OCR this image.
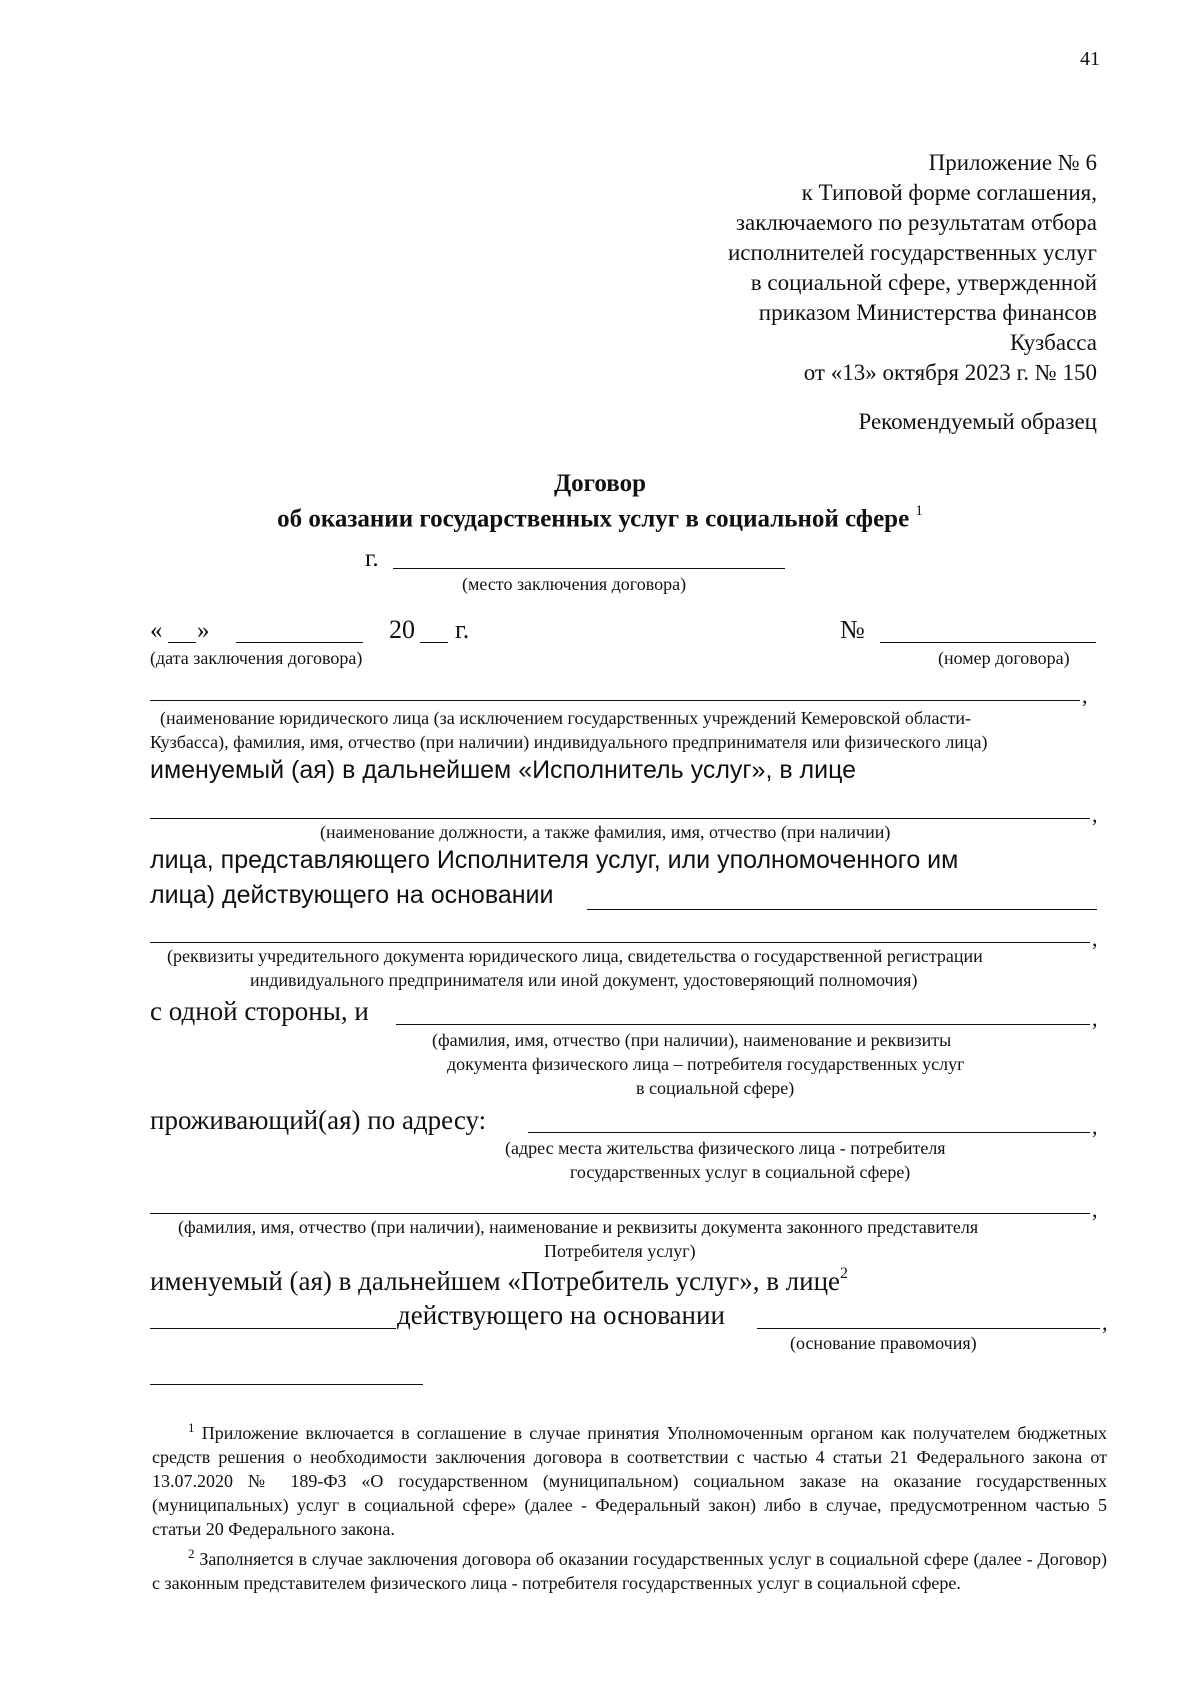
41
Приложение № 6
к Типовой форме соглашения,
заключаемого по результатам отбора
исполнителей государственных услуг
в социальной сфере, утвержденной
приказом Министерства финансов
Кузбасса
от «13» октября 2023 г. № 150
Рекомендуемый образец
Договор
об оказании государственных услуг в социальной сфере $^1$
г.
(место заключения договора)
« »	20 г.
(дата заключения договора)
№
(номер договора)
,
(наименование юридического лица (за исключением государственных учреждений Кемеровской области-
Кузбасса), фамилия, имя, отчество (при наличии) индивидуального предпринимателя или физического лица)
именуемый (ая) в дальнейшем «Исполнитель услуг», в лице
,
(наименование должности, а также фамилия, имя, отчество (при наличии)
лица, представляющего Исполнителя услуг, или уполномоченного им
лица) действующего на основании
,
(реквизиты учредительного документа юридического лица, свидетельства о государственной регистрации
индивидуального предпринимателя или иной документ, удостоверяющий полномочия)
с одной стороны, и	,
(фамилия, имя, отчество (при наличии), наименование и реквизиты
документа физического лица – потребителя государственных услуг
в социальной сфере)
проживающий(ая) по адресу:	,
(адрес места жительства физического лица - потребителя
государственных услуг в социальной сфере)
,
(фамилия, имя, отчество (при наличии), наименование и реквизиты документа законного представителя
Потребителя услуг)
именуемый (ая) в дальнейшем «Потребитель услуг», в лице$^2$
действующего на основании	,
(основание правомочия)
$^1$ Приложение включается в соглашение в случае принятия Уполномоченным органом как получателем бюджетных средств решения о необходимости заключения договора в соответствии с частью 4 статьи 21 Федерального закона от 13.07.2020 № 189-ФЗ «О государственном (муниципальном) социальном заказе на оказание государственных (муниципальных) услуг в социальной сфере» (далее - Федеральный закон) либо в случае, предусмотренном частью 5 статьи 20 Федерального закона.
$^2$ Заполняется в случае заключения договора об оказании государственных услуг в социальной сфере (далее - Договор) с законным представителем физического лица - потребителя государственных услуг в социальной сфере.
